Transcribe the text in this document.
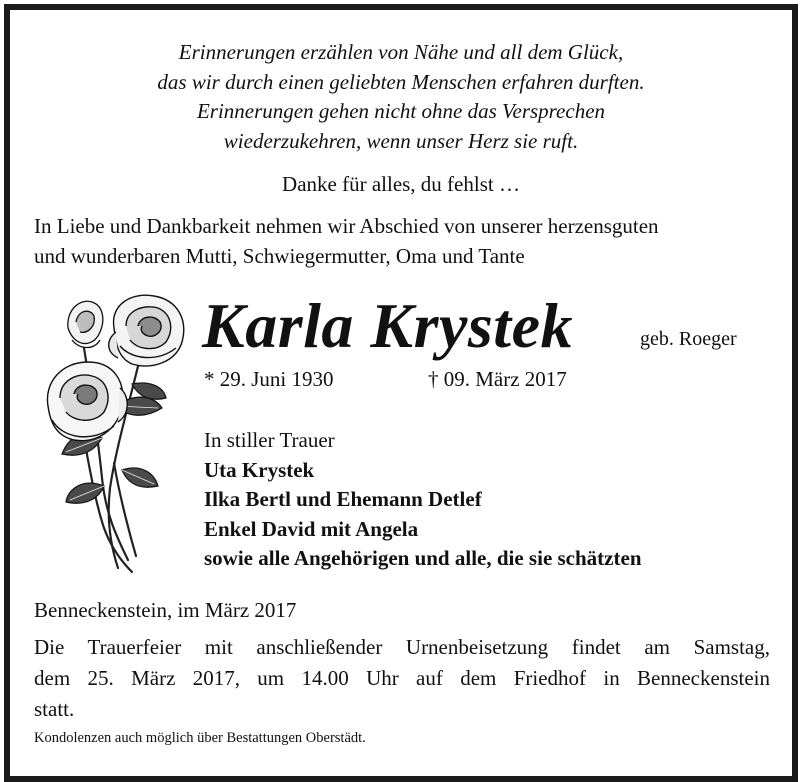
Erinnerungen erzählen von Nähe und all dem Glück,
das wir durch einen geliebten Menschen erfahren durften.
Erinnerungen gehen nicht ohne das Versprechen
wiederzukehren, wenn unser Herz sie ruft.
Danke für alles, du fehlst …
In Liebe und Dankbarkeit nehmen wir Abschied von unserer herzensguten
und wunderbaren Mutti, Schwiegermutter, Oma und Tante
Karla Krystek	geb. Roeger
* 29. Juni 1930	† 09. März 2017
In stiller Trauer
Uta Krystek
Ilka Bertl und Ehemann Detlef
Enkel David mit Angela
sowie alle Angehörigen und alle, die sie schätzten
Benneckenstein, im März 2017
Die Trauerfeier mit anschließender Urnenbeisetzung findet am Samstag,
dem 25. März 2017, um 14.00 Uhr auf dem Friedhof in Benneckenstein
statt.
Kondolenzen auch möglich über Bestattungen Oberstädt.
